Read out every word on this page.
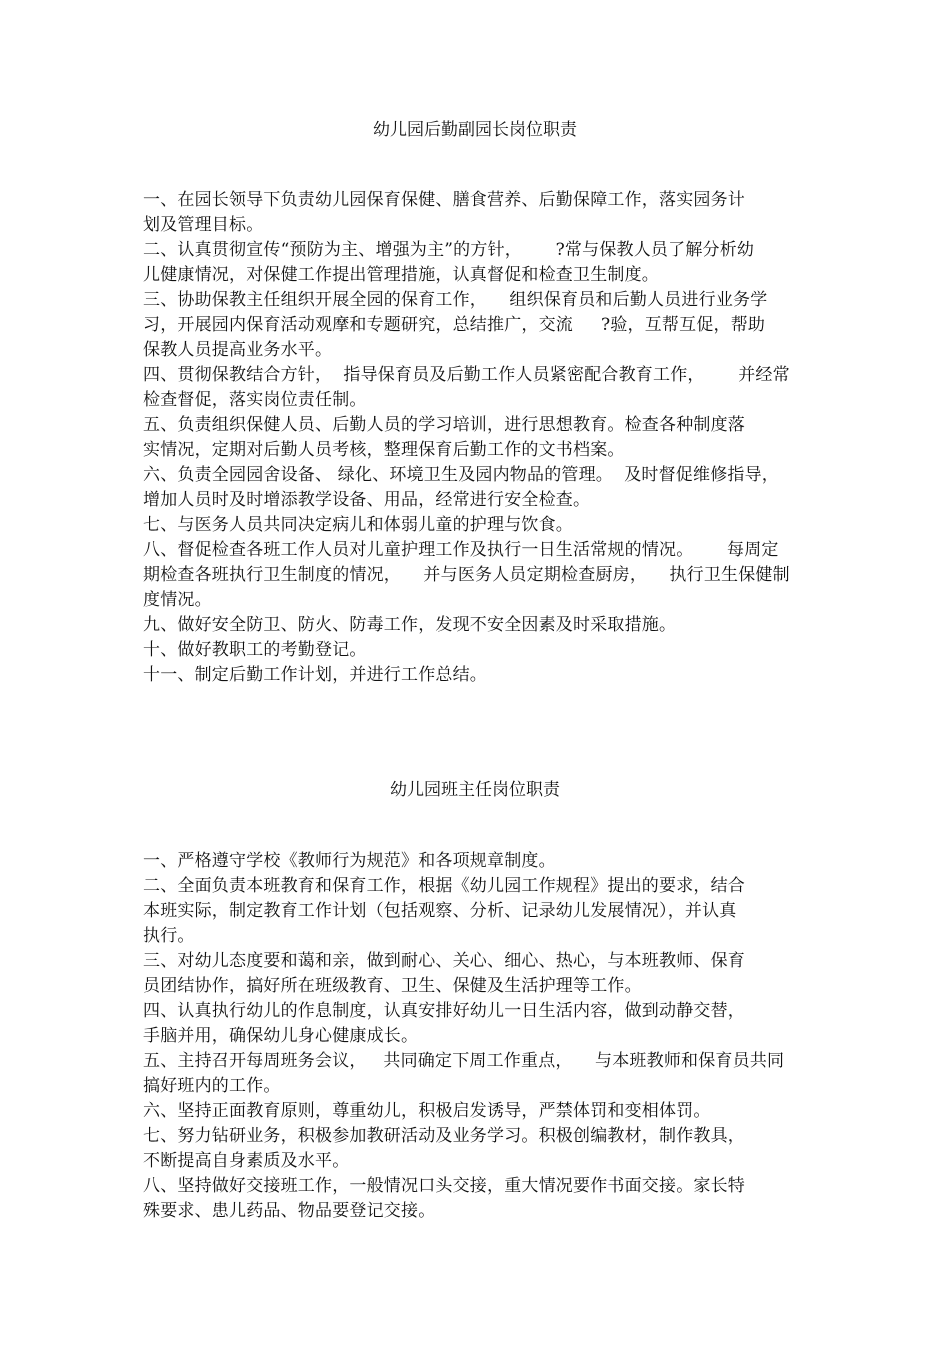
幼儿园后勤副园长岗位职责
一、在园长领导下负责幼儿园保育保健、膳食营养、后勤保障工作，落实园务计
划及管理目标。
二、认真贯彻宣传“预防为主、增强为主”的方针，      ?常与保教人员了解分析幼
儿健康情况，对保健工作提出管理措施，认真督促和检查卫生制度。
三、协助保教主任组织开展全园的保育工作，    组织保育员和后勤人员进行业务学
习，开展园内保育活动观摩和专题研究，总结推广，交流     ?验，互帮互促，帮助
保教人员提高业务水平。
四、贯彻保教结合方针，  指导保育员及后勤工作人员紧密配合教育工作，      并经常
检查督促，落实岗位责任制。
五、负责组织保健人员、后勤人员的学习培训，进行思想教育。检查各种制度落
实情况，定期对后勤人员考核，整理保育后勤工作的文书档案。
六、负责全园园舍设备、 绿化、环境卫生及园内物品的管理。  及时督促维修指导，
增加人员时及时增添教学设备、用品，经常进行安全检查。
七、与医务人员共同决定病儿和体弱儿童的护理与饮食。
八、督促检查各班工作人员对儿童护理工作及执行一日生活常规的情况。      每周定
期检查各班执行卫生制度的情况，    并与医务人员定期检查厨房，    执行卫生保健制
度情况。
九、做好安全防卫、防火、防毒工作，发现不安全因素及时采取措施。
十、做好教职工的考勤登记。
十一、制定后勤工作计划，并进行工作总结。
幼儿园班主任岗位职责
一、严格遵守学校《教师行为规范》和各项规章制度。
二、全面负责本班教育和保育工作，根据《幼儿园工作规程》提出的要求，结合
本班实际，制定教育工作计划（包括观察、分析、记录幼儿发展情况），并认真
执行。
三、对幼儿态度要和蔼和亲，做到耐心、关心、细心、热心，与本班教师、保育
员团结协作，搞好所在班级教育、卫生、保健及生活护理等工作。
四、认真执行幼儿的作息制度，认真安排好幼儿一日生活内容，做到动静交替，
手脑并用，确保幼儿身心健康成长。
五、主持召开每周班务会议，   共同确定下周工作重点，    与本班教师和保育员共同
搞好班内的工作。
六、坚持正面教育原则，尊重幼儿，积极启发诱导，严禁体罚和变相体罚。
七、努力钻研业务，积极参加教研活动及业务学习。积极创编教材，制作教具，
不断提高自身素质及水平。
八、坚持做好交接班工作，一般情况口头交接，重大情况要作书面交接。家长特
殊要求、患儿药品、物品要登记交接。
